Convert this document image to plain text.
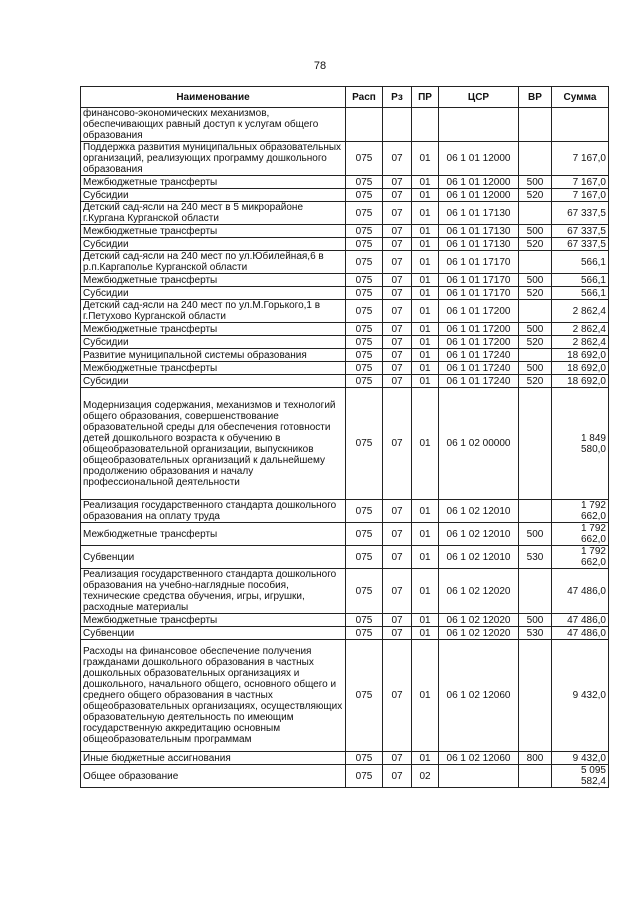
78
Наименование	Расп	Рз	ПР	ЦСР	ВР	Сумма
финансово-экономических механизмов, обеспечивающих равный доступ к услугам общего образования						
Поддержка развития муниципальных образовательных организаций, реализующих программу дошкольного образования	075	07	01	06 1 01 12000		7 167,0
Межбюджетные трансферты	075	07	01	06 1 01 12000	500	7 167,0
Субсидии	075	07	01	06 1 01 12000	520	7 167,0
Детский сад-ясли на 240 мест в 5 микрорайоне г.Кургана Курганской области	075	07	01	06 1 01 17130		67 337,5
Межбюджетные трансферты	075	07	01	06 1 01 17130	500	67 337,5
Субсидии	075	07	01	06 1 01 17130	520	67 337,5
Детский сад-ясли на 240 мест по ул.Юбилейная,6 в р.п.Каргаполье Курганской области	075	07	01	06 1 01 17170		566,1
Межбюджетные трансферты	075	07	01	06 1 01 17170	500	566,1
Субсидии	075	07	01	06 1 01 17170	520	566,1
Детский сад-ясли на 240 мест по ул.М.Горького,1 в г.Петухово Курганской области	075	07	01	06 1 01 17200		2 862,4
Межбюджетные трансферты	075	07	01	06 1 01 17200	500	2 862,4
Субсидии	075	07	01	06 1 01 17200	520	2 862,4
Развитие муниципальной системы образования	075	07	01	06 1 01 17240		18 692,0
Межбюджетные трансферты	075	07	01	06 1 01 17240	500	18 692,0
Субсидии	075	07	01	06 1 01 17240	520	18 692,0
Модернизация содержания, механизмов и технологий общего образования, совершенствование образовательной среды для обеспечения готовности детей дошкольного возраста к обучению в общеобразовательной организации, выпускников общеобразовательных организаций к дальнейшему продолжению образования и началу профессиональной деятельности	075	07	01	06 1 02 00000		1 849 580,0
Реализация государственного стандарта дошкольного образования на оплату труда	075	07	01	06 1 02 12010		1 792 662,0
Межбюджетные трансферты	075	07	01	06 1 02 12010	500	1 792 662,0
Субвенции	075	07	01	06 1 02 12010	530	1 792 662,0
Реализация государственного стандарта дошкольного образования на учебно-наглядные пособия, технические средства обучения, игры, игрушки, расходные материалы	075	07	01	06 1 02 12020		47 486,0
Межбюджетные трансферты	075	07	01	06 1 02 12020	500	47 486,0
Субвенции	075	07	01	06 1 02 12020	530	47 486,0
Расходы на финансовое обеспечение получения гражданами дошкольного образования в частных дошкольных образовательных организациях и дошкольного, начального общего, основного общего и среднего общего образования в частных общеобразовательных организациях, осуществляющих образовательную деятельность по имеющим государственную аккредитацию основным общеобразовательным программам	075	07	01	06 1 02 12060		9 432,0
Иные бюджетные ассигнования	075	07	01	06 1 02 12060	800	9 432,0
Общее образование	075	07	02			5 095 582,4
